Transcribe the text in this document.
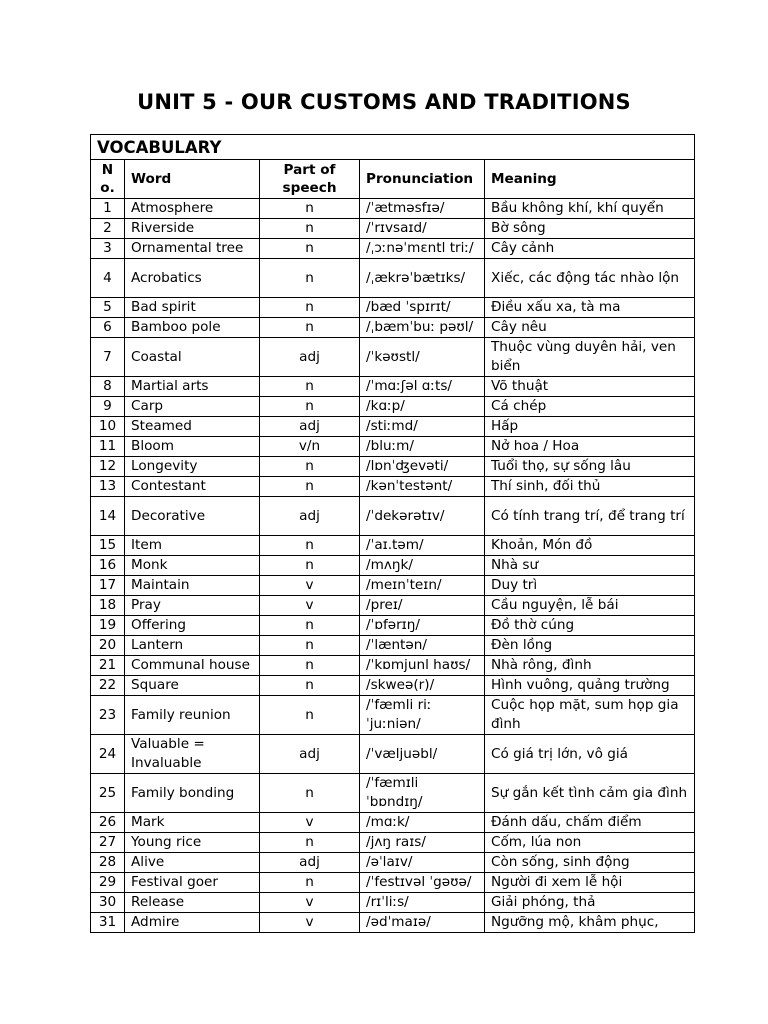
UNIT 5 - OUR CUSTOMS AND TRADITIONS
VOCABULARY				
N o.	Word	Part of speech	Pronunciation	Meaning
1	Atmosphere	n	/ˈætməsfɪə/	Bầu không khí, khí quyển
2	Riverside	n	/ˈrɪvsaɪd/	Bờ sông
3	Ornamental tree	n	/ˌɔːnəˈmɛntl triː/	Cây cảnh
4	Acrobatics	n	/ˌækrəˈbætɪks/	Xiếc, các động tác nhào lộn
5	Bad spirit	n	/bæd ˈspɪrɪt/	Điều xấu xa, tà ma
6	Bamboo pole	n	/ˌbæmˈbuː pəʊl/	Cây nêu
7	Coastal	adj	/ˈkəʊstl/	Thuộc vùng duyên hải, ven biển
8	Martial arts	n	/ˈmɑːʃəl ɑːts/	Võ thuật
9	Carp	n	/kɑːp/	Cá chép
10	Steamed	adj	/stiːmd/	Hấp
11	Bloom	v/n	/bluːm/	Nở hoa / Hoa
12	Longevity	n	/lɒnˈʤevəti/	Tuổi thọ, sự sống lâu
13	Contestant	n	/kənˈtestənt/	Thí sinh, đối thủ
14	Decorative	adj	/ˈdekərətɪv/	Có tính trang trí, để trang trí
15	Item	n	/ˈaɪ.təm/	Khoản, Món đồ
16	Monk	n	/mʌŋk/	Nhà sư
17	Maintain	v	/meɪnˈteɪn/	Duy trì
18	Pray	v	/preɪ/	Cầu nguyện, lễ bái
19	Offering	n	/ˈɒfərɪŋ/	Đồ thờ cúng
20	Lantern	n	/ˈlæntən/	Đèn lồng
21	Communal house	n	/ˈkɒmjunl haʊs/	Nhà rông, đình
22	Square	n	/skweə(r)/	Hình vuông, quảng trường
23	Family reunion	n	/ˈfæmli riː ˈjuːniən/	Cuộc họp mặt, sum họp gia đình
24	Valuable = Invaluable	adj	/ˈvæljuəbl/	Có giá trị lớn, vô giá
25	Family bonding	n	/ˈfæmɪli ˈbɒndɪŋ/	Sự gắn kết tình cảm gia đình
26	Mark	v	/mɑːk/	Đánh dấu, chấm điểm
27	Young rice	n	/jʌŋ raɪs/	Cốm, lúa non
28	Alive	adj	/əˈlaɪv/	Còn sống, sinh động
29	Festival goer	n	/ˈfestɪvəl ˈgəʊə/	Người đi xem lễ hội
30	Release	v	/rɪˈliːs/	Giải phóng, thả
31	Admire	v	/ədˈmaɪə/	Ngưỡng mộ, khâm phục,
